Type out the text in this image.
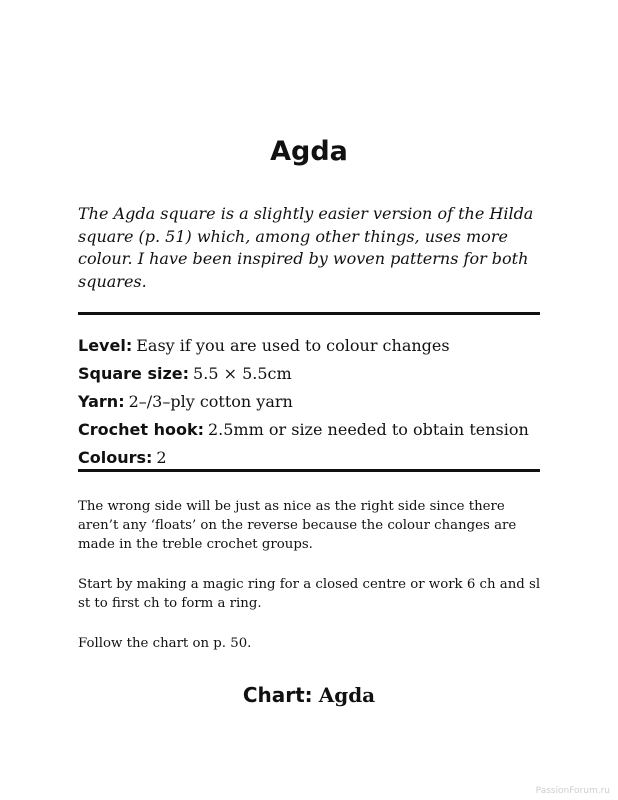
Agda

The Agda square is a slightly easier version of the Hilda square (p. 51) which, among other things, uses more colour. I have been inspired by woven patterns for both squares.

Level: Easy if you are used to colour changes
Square size: 5.5 × 5.5cm
Yarn: 2–/3–ply cotton yarn
Crochet hook: 2.5mm or size needed to obtain tension
Colours: 2

The wrong side will be just as nice as the right side since there aren’t any ‘floats’ on the reverse because the colour changes are made in the treble crochet groups.

Start by making a magic ring for a closed centre or work 6 ch and sl st to first ch to form a ring.

Follow the chart on p. 50.

Chart: Agda
PassionForum.ru
